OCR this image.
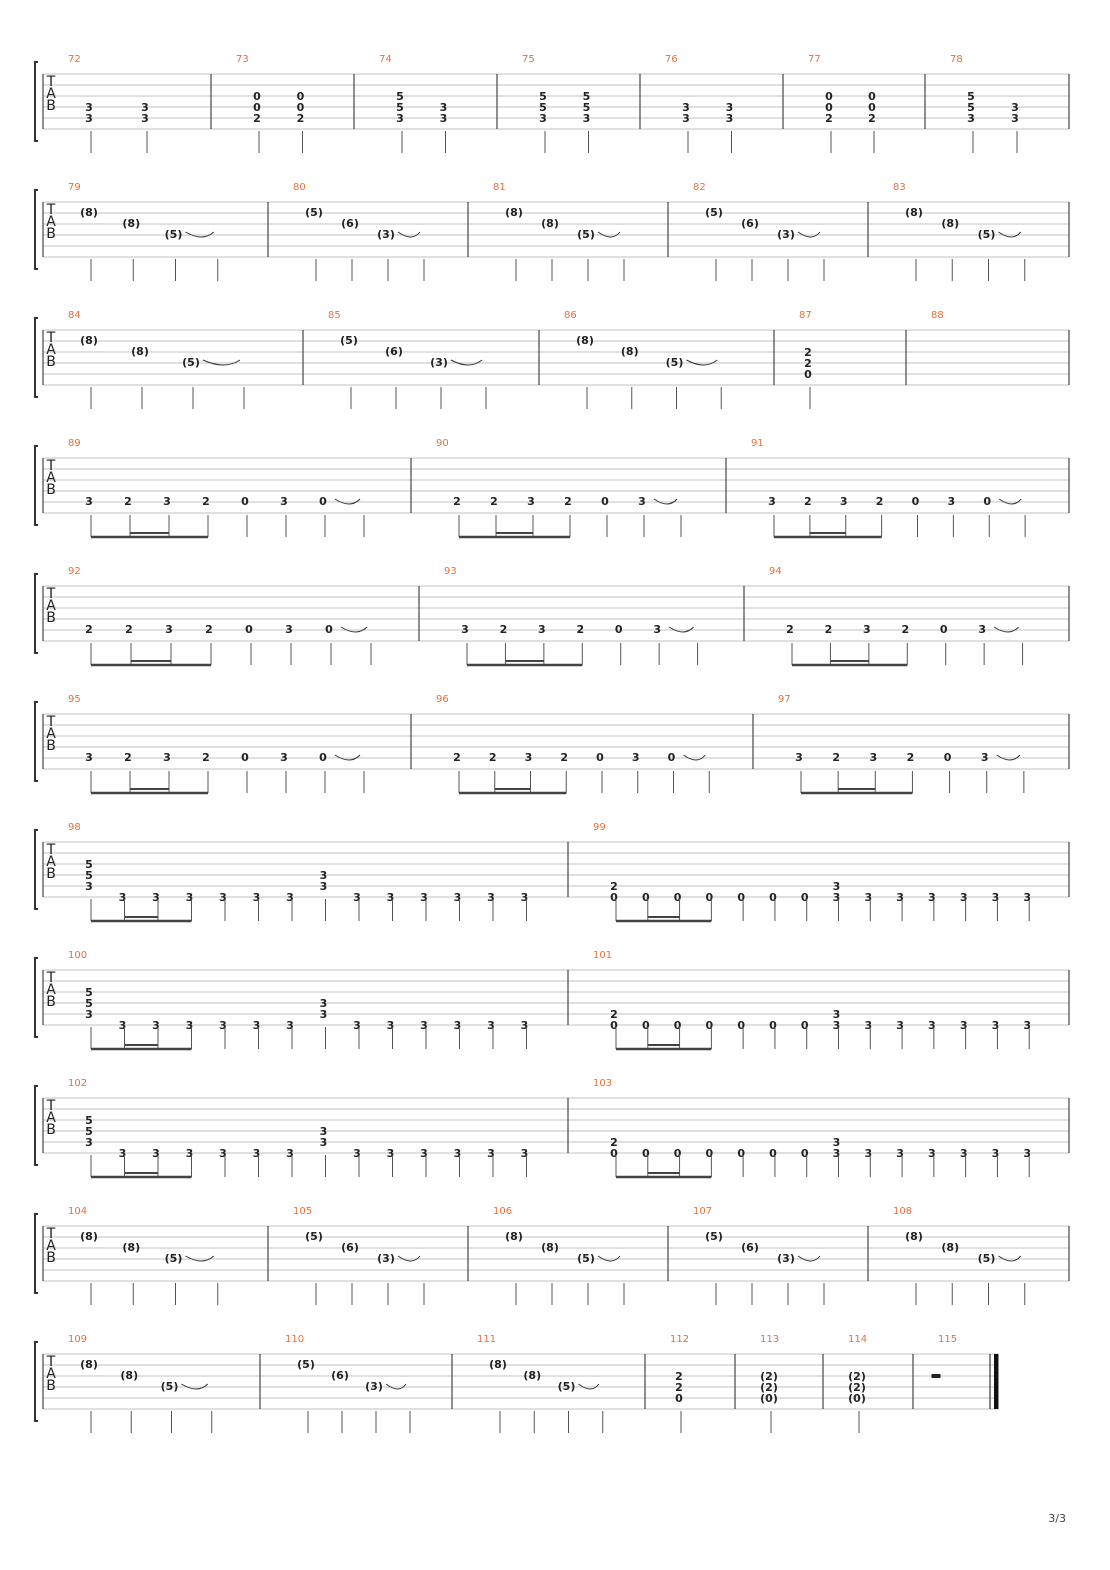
T
A
B
72
3
3
3
3
73
0
0
2
0
0
2
74
5
5
3
3
3
75
5
5
3
5
5
3
76
3
3
3
3
77
0
0
2
0
0
2
78
5
5
3
3
3
T
A
B
79
(8)
(8)
(5)
80
(5)
(6)
(3)
81
(8)
(8)
(5)
82
(5)
(6)
(3)
83
(8)
(8)
(5)
T
A
B
84
(8)
(8)
(5)
85
(5)
(6)
(3)
86
(8)
(8)
(5)
87
2
2
0
88
T
A
B
89
3	2	3	2	0	3	0
90
2	2	3	2	0	3
91
3	2	3	2	0	3	0
T
A
B
92
2	2	3	2	0	3	0
93
3	2	3	2	0	3
94
2	2	3	2	0	3
T
A
B
95
3	2	3	2	0	3	0
96
2	2	3	2	0	3	0
97
3	2	3	2	0	3
T
A
B
98
5
5
3
3 3 3 3 3 3
3
3
3 3 3 3 3 3
99
2
0 0 0 0 0 0 0
3
3 3 3 3 3 3 3
T
A
B
100
5
5
3
3 3 3 3 3 3
3
3
3 3 3 3 3 3
101
2
0 0 0 0 0 0 0
3
3 3 3 3 3 3 3
T
A
B
102
5
5
3
3 3 3 3 3 3
3
3
3 3 3 3 3 3
103
2
0 0 0 0 0 0 0
3
3 3 3 3 3 3 3
T
A
B
104
(8)
(8)
(5)
105
(5)
(6)
(3)
106
(8)
(8)
(5)
107
(5)
(6)
(3)
108
(8)
(8)
(5)
T
A
B
109
(8)
(8)
(5)
110
(5)
(6)
(3)
111
(8)
(8)
(5)
112
2
2
0
113
(2)
(2)
(0)
114
(2)
(2)
(0)
115
3/3
